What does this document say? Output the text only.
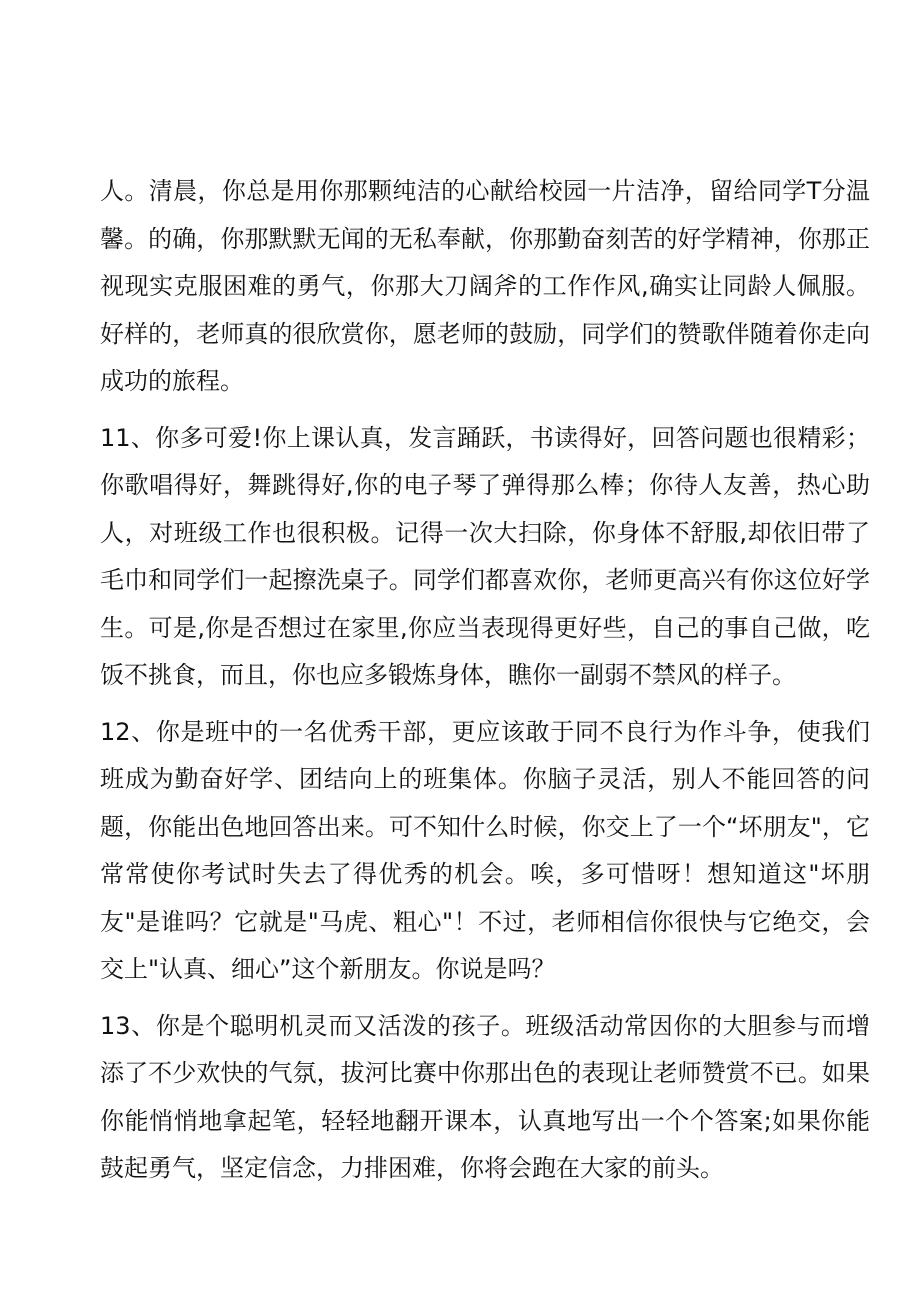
人。清晨，你总是用你那颗纯洁的心献给校园一片洁净，留给同学T分温馨。的确，你那默默无闻的无私奉献，你那勤奋刻苦的好学精神，你那正视现实克服困难的勇气，你那大刀阔斧的工作作风,确实让同龄人佩服。好样的，老师真的很欣赏你，愿老师的鼓励，同学们的赞歌伴随着你走向成功的旅程。

11、你多可爱!你上课认真，发言踊跃，书读得好，回答问题也很精彩；你歌唱得好，舞跳得好,你的电子琴了弹得那么棒；你待人友善，热心助人，对班级工作也很积极。记得一次大扫除，你身体不舒服,却依旧带了毛巾和同学们一起擦洗桌子。同学们都喜欢你，老师更高兴有你这位好学生。可是,你是否想过在家里,你应当表现得更好些，自己的事自己做，吃饭不挑食，而且，你也应多锻炼身体，瞧你一副弱不禁风的样子。

12、你是班中的一名优秀干部，更应该敢于同不良行为作斗争，使我们班成为勤奋好学、团结向上的班集体。你脑子灵活，别人不能回答的问题，你能出色地回答出来。可不知什么时候，你交上了一个“坏朋友"，它常常使你考试时失去了得优秀的机会。唉，多可惜呀！想知道这"坏朋友"是谁吗？它就是"马虎、粗心"！不过，老师相信你很快与它绝交，会交上"认真、细心”这个新朋友。你说是吗？

13、你是个聪明机灵而又活泼的孩子。班级活动常因你的大胆参与而增添了不少欢快的气氛，拔河比赛中你那出色的表现让老师赞赏不已。如果你能悄悄地拿起笔，轻轻地翻开课本，认真地写出一个个答案;如果你能鼓起勇气，坚定信念，力排困难，你将会跑在大家的前头。
